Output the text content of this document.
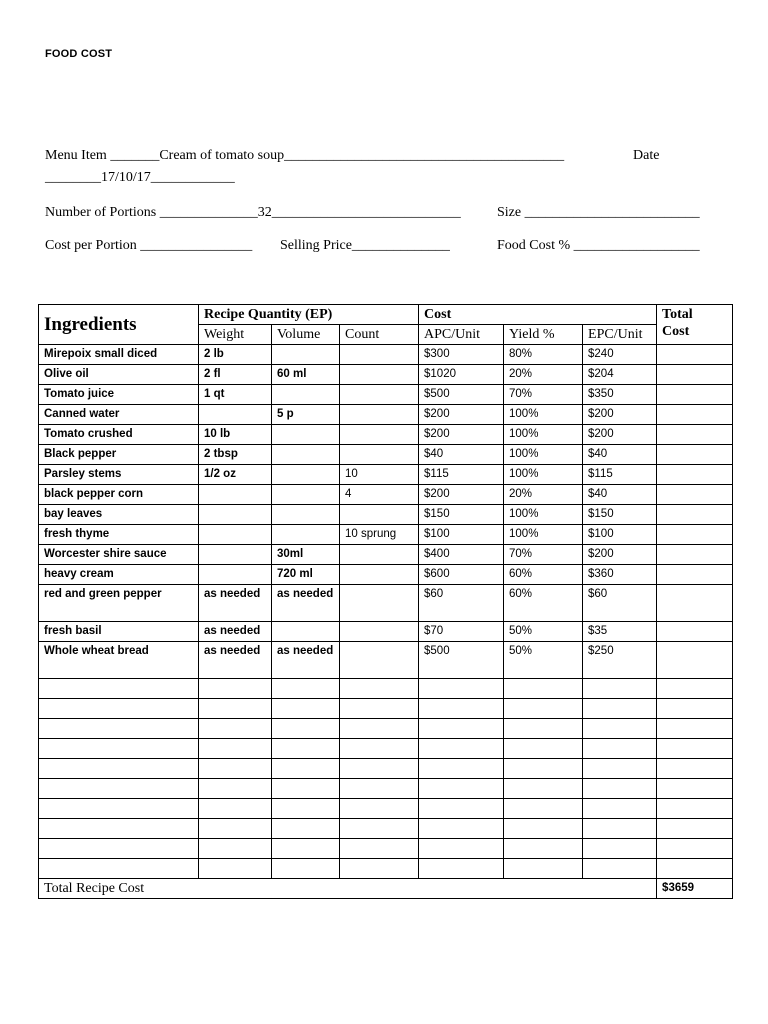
FOOD COST
Menu Item _______Cream of tomato soup________________________________________	Date
________17/10/17____________
Number of Portions ______________32___________________________	Size _________________________
Cost per Portion ________________ Selling Price______________	Food Cost % __________________
Ingredients	Recipe Quantity (EP)			Cost			Total
Cost
	Weight	Volume	Count	APC/Unit	Yield %	EPC/Unit	
Mirepoix small diced	2 lb			$300	80%	$240	
Olive oil	2 fl	60 ml		$1020	20%	$204	
Tomato juice	1 qt			$500	70%	$350	
Canned water		5 p		$200	100%	$200	
Tomato crushed	10 lb			$200	100%	$200	
Black pepper	2 tbsp			$40	100%	$40	
Parsley stems	1/2 oz		10	$115	100%	$115	
black pepper corn			4	$200	20%	$40	
bay leaves				$150	100%	$150	
fresh thyme			10 sprung	$100	100%	$100	
Worcester shire sauce		30ml		$400	70%	$200	
heavy cream		720 ml		$600	60%	$360	
red and green pepper	as needed	as needed		$60	60%	$60	
fresh basil	as needed			$70	50%	$35	
Whole wheat bread	as needed	as needed		$500	50%	$250	

Total Recipe Cost							$3659
